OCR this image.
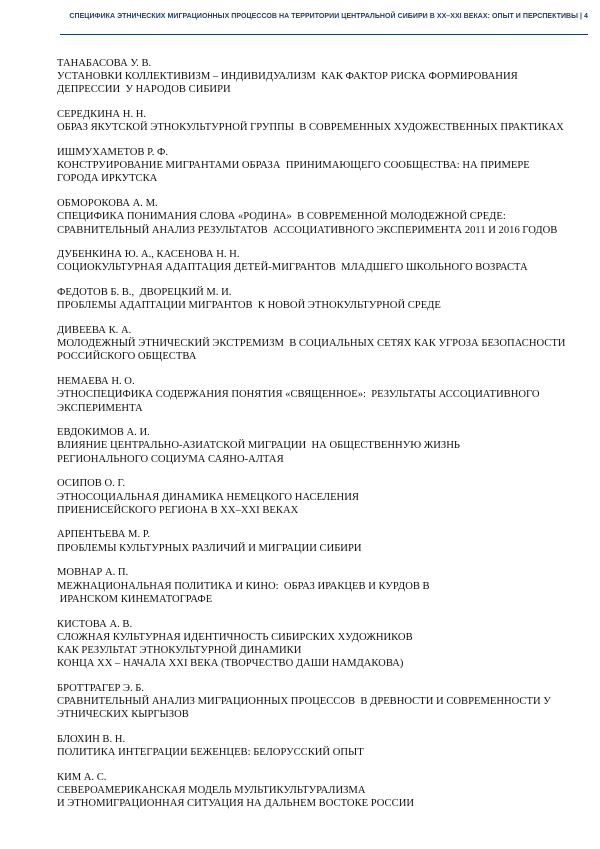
СПЕЦИФИКА ЭТНИЧЕСКИХ МИГРАЦИОННЫХ ПРОЦЕССОВ НА ТЕРРИТОРИИ ЦЕНТРАЛЬНОЙ СИБИРИ В XX–XXI ВЕКАХ: ОПЫТ И ПЕРСПЕКТИВЫ | 4
ТАНАБАСОВА У. В.
УСТАНОВКИ КОЛЛЕКТИВИЗМ – ИНДИВИДУАЛИЗМ  КАК ФАКТОР РИСКА ФОРМИРОВАНИЯ
ДЕПРЕССИИ  У НАРОДОВ СИБИРИ
СЕРЕДКИНА Н. Н.
ОБРАЗ ЯКУТСКОЙ ЭТНОКУЛЬТУРНОЙ ГРУППЫ  В СОВРЕМЕННЫХ ХУДОЖЕСТВЕННЫХ ПРАКТИКАХ
ИШМУХАМЕТОВ Р. Ф.
КОНСТРУИРОВАНИЕ МИГРАНТАМИ ОБРАЗА  ПРИНИМАЮЩЕГО СООБЩЕСТВА: НА ПРИМЕРЕ
ГОРОДА ИРКУТСКА
ОБМОРОКОВА А. М.
СПЕЦИФИКА ПОНИМАНИЯ СЛОВА «РОДИНА»  В СОВРЕМЕННОЙ МОЛОДЕЖНОЙ СРЕДЕ:
СРАВНИТЕЛЬНЫЙ АНАЛИЗ РЕЗУЛЬТАТОВ  АССОЦИАТИВНОГО ЭКСПЕРИМЕНТА 2011 И 2016 ГОДОВ
ДУБЕНКИНА Ю. А., КАСЕНОВА Н. Н.
СОЦИОКУЛЬТУРНАЯ АДАПТАЦИЯ ДЕТЕЙ-МИГРАНТОВ  МЛАДШЕГО ШКОЛЬНОГО ВОЗРАСТА
ФЕДОТОВ Б. В.,  ДВОРЕЦКИЙ М. И.
ПРОБЛЕМЫ АДАПТАЦИИ МИГРАНТОВ  К НОВОЙ ЭТНОКУЛЬТУРНОЙ СРЕДЕ
ДИВЕЕВА К. А.
МОЛОДЕЖНЫЙ ЭТНИЧЕСКИЙ ЭКСТРЕМИЗМ  В СОЦИАЛЬНЫХ СЕТЯХ КАК УГРОЗА БЕЗОПАСНОСТИ
РОССИЙСКОГО ОБЩЕСТВА
НЕМАЕВА Н. О.
ЭТНОСПЕЦИФИКА СОДЕРЖАНИЯ ПОНЯТИЯ «СВЯЩЕННОЕ»:  РЕЗУЛЬТАТЫ АССОЦИАТИВНОГО
ЭКСПЕРИМЕНТА
ЕВДОКИМОВ А. И.
ВЛИЯНИЕ ЦЕНТРАЛЬНО-АЗИАТСКОЙ МИГРАЦИИ  НА ОБЩЕСТВЕННУЮ ЖИЗНЬ
РЕГИОНАЛЬНОГО СОЦИУМА САЯНО-АЛТАЯ
ОСИПОВ О. Г.
ЭТНОСОЦИАЛЬНАЯ ДИНАМИКА НЕМЕЦКОГО НАСЕЛЕНИЯ
ПРИЕНИСЕЙСКОГО РЕГИОНА В XX–XXI ВЕКАХ
АРПЕНТЬЕВА М. Р.
ПРОБЛЕМЫ КУЛЬТУРНЫХ РАЗЛИЧИЙ И МИГРАЦИИ СИБИРИ
МОВНАР А. П.
МЕЖНАЦИОНАЛЬНАЯ ПОЛИТИКА И КИНО:  ОБРАЗ ИРАКЦЕВ И КУРДОВ В
ИРАНСКОМ КИНЕМАТОГРАФЕ
КИСТОВА А. В.
СЛОЖНАЯ КУЛЬТУРНАЯ ИДЕНТИЧНОСТЬ СИБИРСКИХ ХУДОЖНИКОВ
КАК РЕЗУЛЬТАТ ЭТНОКУЛЬТУРНОЙ ДИНАМИКИ
КОНЦА XX – НАЧАЛА XXI ВЕКА (ТВОРЧЕСТВО ДАШИ НАМДАКОВА)
БРОТТРАГЕР Э. Б.
СРАВНИТЕЛЬНЫЙ АНАЛИЗ МИГРАЦИОННЫХ ПРОЦЕССОВ  В ДРЕВНОСТИ И СОВРЕМЕННОСТИ У
ЭТНИЧЕСКИХ КЫРГЫЗОВ
БЛОХИН В. Н.
ПОЛИТИКА ИНТЕГРАЦИИ БЕЖЕНЦЕВ: БЕЛОРУССКИЙ ОПЫТ
КИМ А. С.
СЕВЕРОАМЕРИКАНСКАЯ МОДЕЛЬ МУЛЬТИКУЛЬТУРАЛИЗМА
И ЭТНОМИГРАЦИОННАЯ СИТУАЦИЯ НА ДАЛЬНЕМ ВОСТОКЕ РОССИИ
